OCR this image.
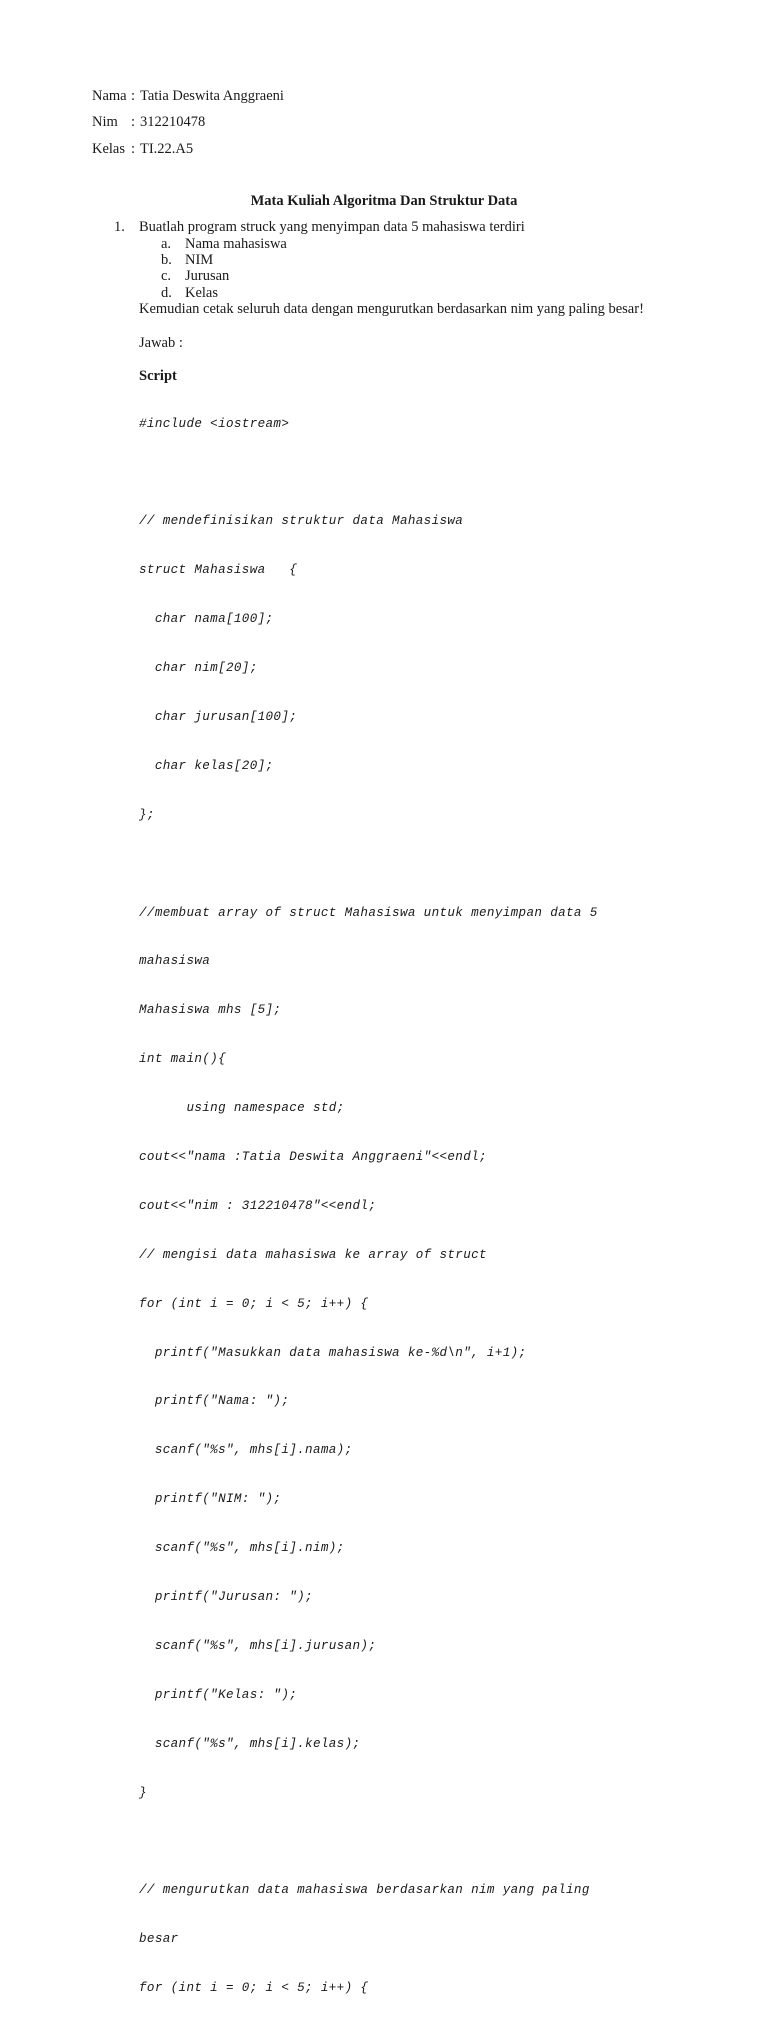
Nama : Tatia Deswita Anggraeni
Nim : 312210478
Kelas : TI.22.A5
Mata Kuliah Algoritma Dan Struktur Data
1. Buatlah program struck yang menyimpan data 5 mahasiswa terdiri
a. Nama mahasiswa
b. NIM
c. Jurusan
d. Kelas
Kemudian cetak seluruh data dengan mengurutkan berdasarkan nim yang paling besar!
Jawab :
Script

#include <iostream>

// mendefinisikan struktur data Mahasiswa

struct Mahasiswa   {

char nama[100];

char nim[20];

char jurusan[100];

char kelas[20];

};

//membuat array of struct Mahasiswa untuk menyimpan data 5

mahasiswa

Mahasiswa mhs [5];

int main(){

using namespace std;

cout<<"nama :Tatia Deswita Anggraeni"<<endl;

cout<<"nim : 312210478"<<endl;

// mengisi data mahasiswa ke array of struct

for (int i = 0; i < 5; i++) {

printf("Masukkan data mahasiswa ke-%d\n", i+1);

printf("Nama: ");

scanf("%s", mhs[i].nama);

printf("NIM: ");

scanf("%s", mhs[i].nim);

printf("Jurusan: ");

scanf("%s", mhs[i].jurusan);

printf("Kelas: ");

scanf("%s", mhs[i].kelas);

}

// mengurutkan data mahasiswa berdasarkan nim yang paling

besar

for (int i = 0; i < 5; i++) {
